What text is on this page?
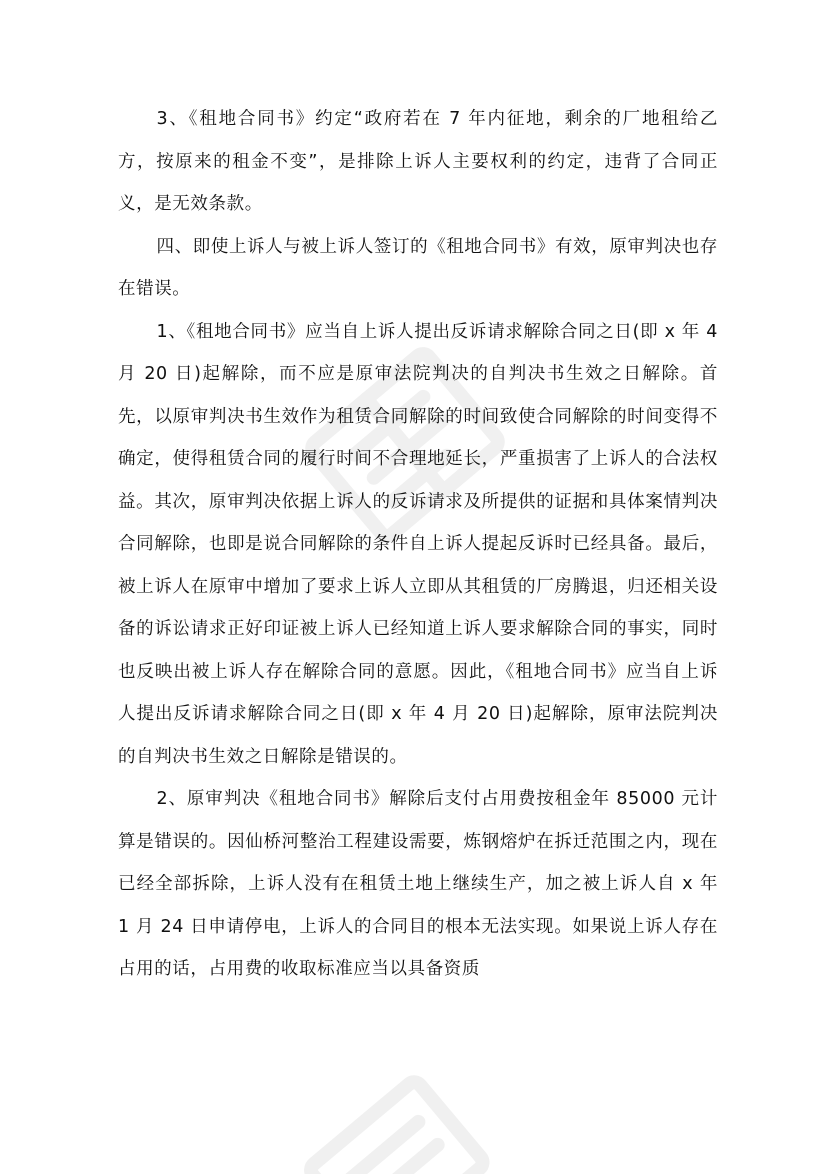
3、《租地合同书》约定“政府若在 7 年内征地，剩余的厂地租给乙方，按原来的租金不变”，是排除上诉人主要权利的约定，违背了合同正义，是无效条款。

四、即使上诉人与被上诉人签订的《租地合同书》有效，原审判决也存在错误。

1、《租地合同书》应当自上诉人提出反诉请求解除合同之日(即 x 年 4 月 20 日)起解除，而不应是原审法院判决的自判决书生效之日解除。首先，以原审判决书生效作为租赁合同解除的时间致使合同解除的时间变得不确定，使得租赁合同的履行时间不合理地延长，严重损害了上诉人的合法权益。其次，原审判决依据上诉人的反诉请求及所提供的证据和具体案情判决合同解除，也即是说合同解除的条件自上诉人提起反诉时已经具备。最后，被上诉人在原审中增加了要求上诉人立即从其租赁的厂房腾退，归还相关设备的诉讼请求正好印证被上诉人已经知道上诉人要求解除合同的事实，同时也反映出被上诉人存在解除合同的意愿。因此，《租地合同书》应当自上诉人提出反诉请求解除合同之日(即 x 年 4 月 20 日)起解除，原审法院判决的自判决书生效之日解除是错误的。

2、原审判决《租地合同书》解除后支付占用费按租金年 85000 元计算是错误的。因仙桥河整治工程建设需要，炼钢熔炉在拆迁范围之内，现在已经全部拆除，上诉人没有在租赁土地上继续生产，加之被上诉人自 x 年 1 月 24 日申请停电，上诉人的合同目的根本无法实现。如果说上诉人存在占用的话，占用费的收取标准应当以具备资质
